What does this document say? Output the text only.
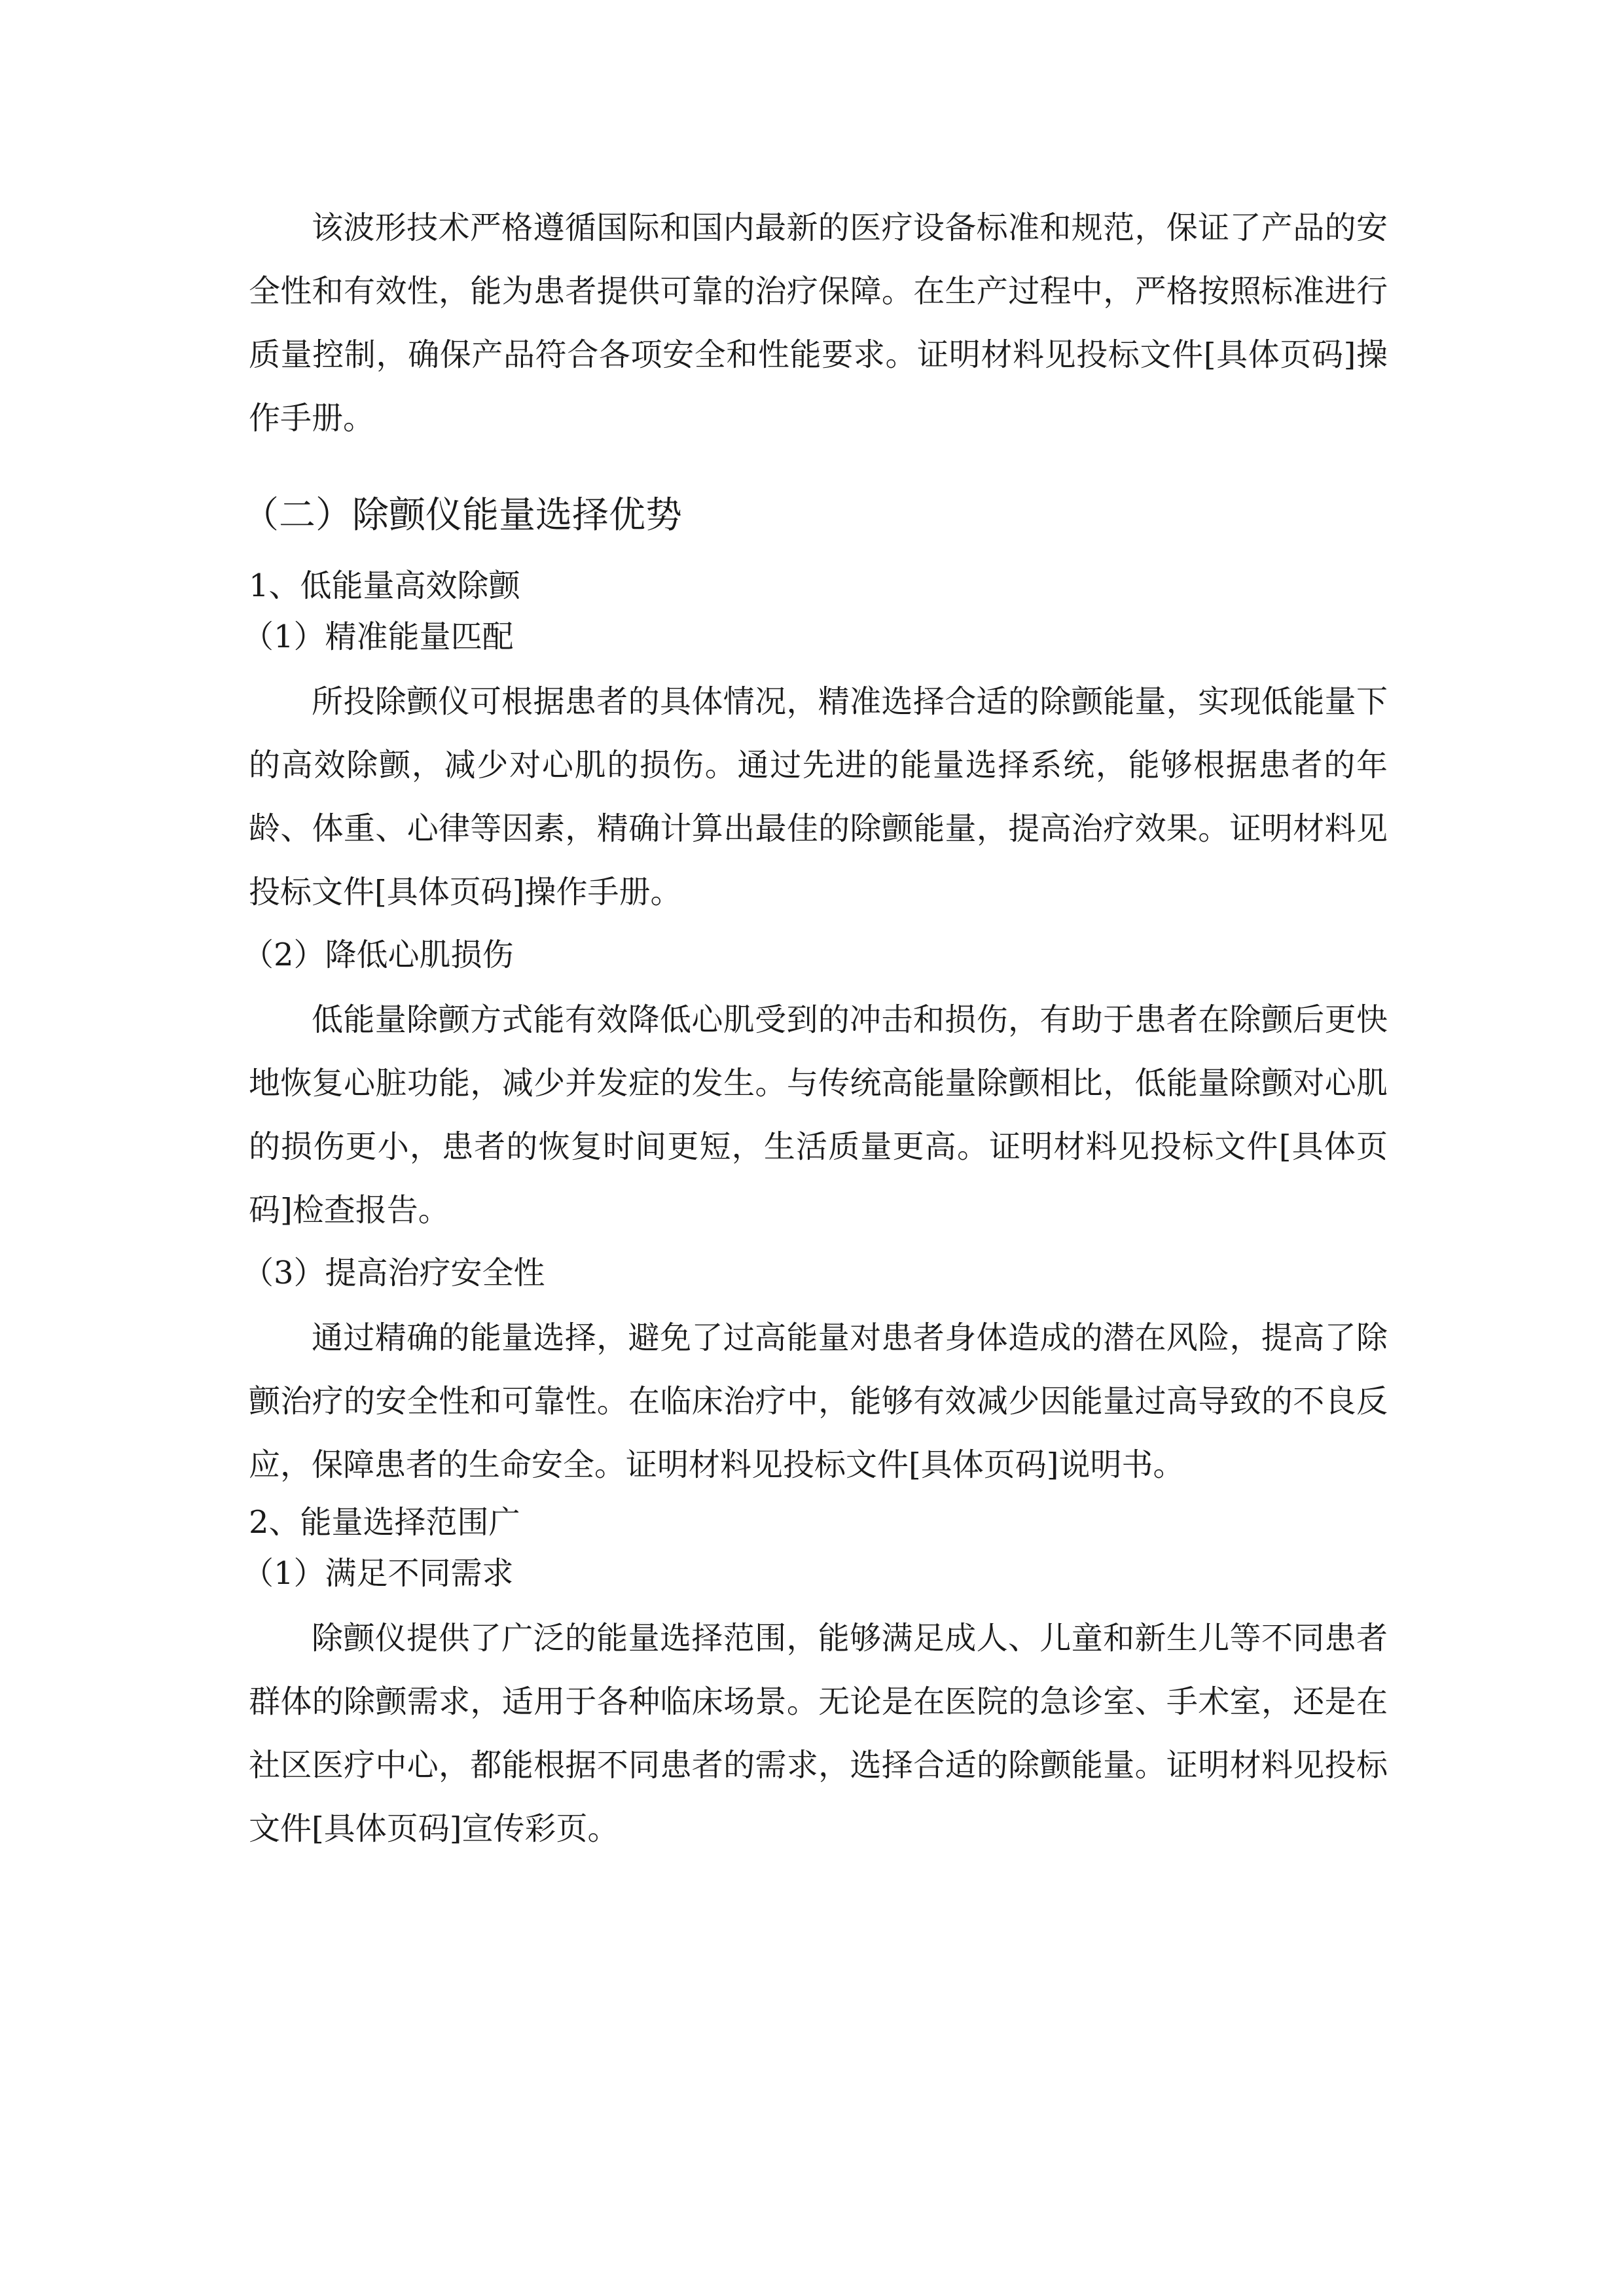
该波形技术严格遵循国际和国内最新的医疗设备标准和规范，保证了产品的安全性和有效性，能为患者提供可靠的治疗保障。在生产过程中，严格按照标准进行质量控制，确保产品符合各项安全和性能要求。证明材料见投标文件[具体页码]操作手册。

（二）除颤仪能量选择优势

1、低能量高效除颤

（1）精准能量匹配

所投除颤仪可根据患者的具体情况，精准选择合适的除颤能量，实现低能量下的高效除颤，减少对心肌的损伤。通过先进的能量选择系统，能够根据患者的年龄、体重、心律等因素，精确计算出最佳的除颤能量，提高治疗效果。证明材料见投标文件[具体页码]操作手册。

（2）降低心肌损伤

低能量除颤方式能有效降低心肌受到的冲击和损伤，有助于患者在除颤后更快地恢复心脏功能，减少并发症的发生。与传统高能量除颤相比，低能量除颤对心肌的损伤更小，患者的恢复时间更短，生活质量更高。证明材料见投标文件[具体页码]检查报告。

（3）提高治疗安全性

通过精确的能量选择，避免了过高能量对患者身体造成的潜在风险，提高了除颤治疗的安全性和可靠性。在临床治疗中，能够有效减少因能量过高导致的不良反应，保障患者的生命安全。证明材料见投标文件[具体页码]说明书。

2、能量选择范围广

（1）满足不同需求

除颤仪提供了广泛的能量选择范围，能够满足成人、儿童和新生儿等不同患者群体的除颤需求，适用于各种临床场景。无论是在医院的急诊室、手术室，还是在社区医疗中心，都能根据不同患者的需求，选择合适的除颤能量。证明材料见投标文件[具体页码]宣传彩页。
